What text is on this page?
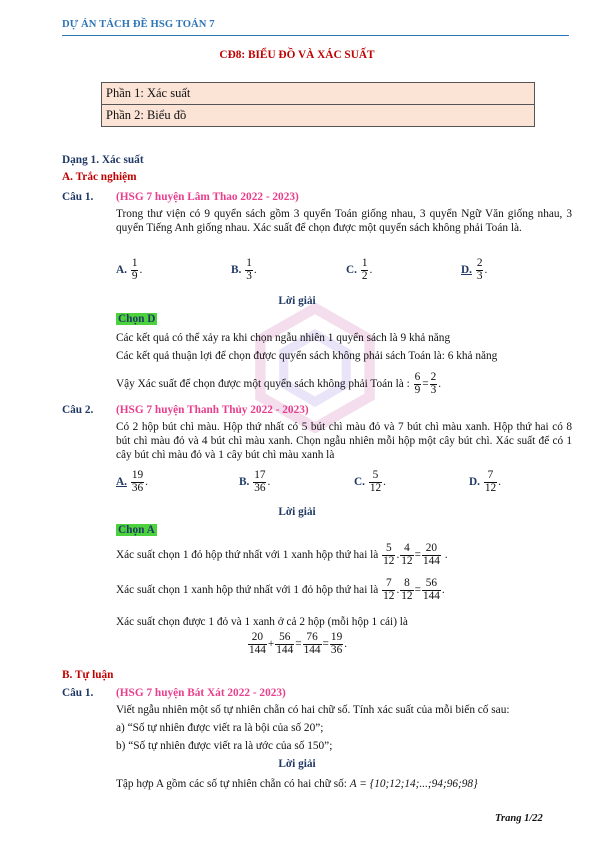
DỰ ÁN TÁCH ĐỀ HSG TOÁN 7
CĐ8: BIỂU ĐỒ VÀ XÁC SUẤT
Phần 1: Xác suất
Phần 2: Biểu đồ
Dạng 1. Xác suất
A. Trắc nghiệm
Câu 1. (HSG 7 huyện Lâm Thao 2022 - 2023)
Trong thư viện có 9 quyển sách gồm 3 quyển Toán giống nhau, 3 quyển Ngữ Văn giống nhau, 3 quyển Tiếng Anh giống nhau. Xác suất để chọn được một quyển sách không phải Toán là.
A. $\frac{1}{9}$ .	B. $\frac{1}{3}$ .	C. $\frac{1}{2}$ .	D. $\frac{2}{3}$ .
Lời giải
Chọn D
Các kết quả có thể xảy ra khi chọn ngẫu nhiên 1 quyển sách là 9 khả năng
Các kết quả thuận lợi để chọn được quyển sách không phải sách Toán là: 6 khả năng
Vậy Xác suất để chọn được một quyển sách không phải Toán là : $\frac{6}{9} = \frac{2}{3}$ .
Câu 2. (HSG 7 huyện Thanh Thủy 2022 - 2023)
Có 2 hộp bút chì màu. Hộp thứ nhất có 5 bút chì màu đỏ và 7 bút chì màu xanh. Hộp thứ hai có 8 bút chì màu đỏ và 4 bút chì màu xanh. Chọn ngẫu nhiên mỗi hộp một cây bút chì. Xác suất để có 1 cây bút chì màu đỏ và 1 cây bút chì màu xanh là
A. $\frac{19}{36}$ .	B. $\frac{17}{36}$ .	C. $\frac{5}{12}$ .	D. $\frac{7}{12}$ .
Lời giải
Chọn A
Xác suất chọn 1 đỏ hộp thứ nhất với 1 xanh hộp thứ hai là $\frac{5}{12}$ . $\frac{4}{12} = \frac{20}{144}$ .
Xác suất chọn 1 xanh hộp thứ nhất với 1 đỏ hộp thứ hai là $\frac{7}{12}$ . $\frac{8}{12} = \frac{56}{144}$ .
Xác suất chọn được 1 đỏ và 1 xanh ở cả 2 hộp (mỗi hộp 1 cái) là
$\frac{20}{144} + \frac{56}{144} = \frac{76}{144} = \frac{19}{36}$ .
B. Tự luận
Câu 1. (HSG 7 huyện Bát Xát 2022 - 2023)
Viết ngẫu nhiên một số tự nhiên chẵn có hai chữ số. Tính xác suất của mỗi biến cố sau:
a) “Số tự nhiên được viết ra là bội của số 20”;
b) “Số tự nhiên được viết ra là ước của số 150”;
Lời giải
Tập hợp A gồm các số tự nhiên chẵn có hai chữ số: A = {10;12;14;...;94;96;98}
Trang 1/22
